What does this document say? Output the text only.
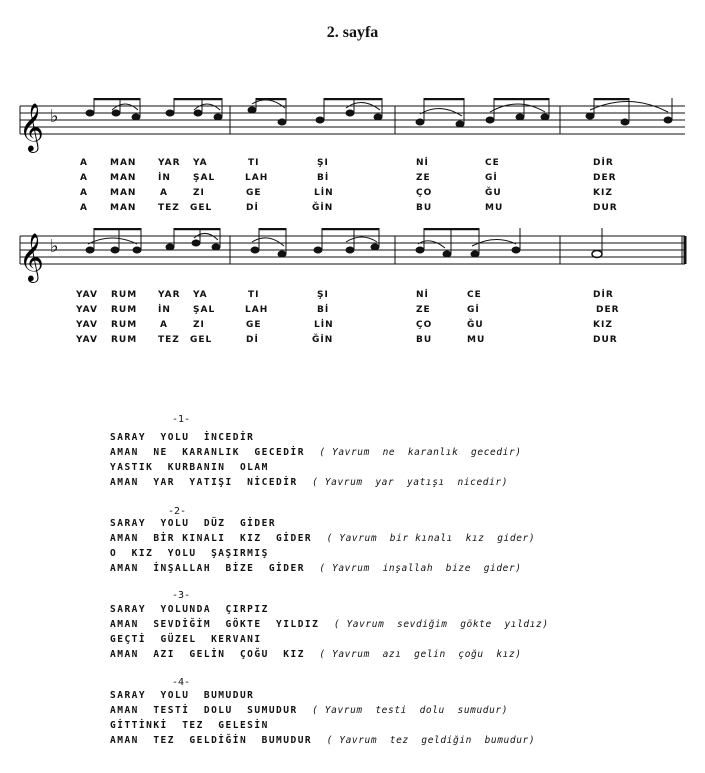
2. sayfa
𝄞 ♭
A MAN YAR YA	TI	ŞI	Nİ	CE	DİR
A MAN İN ŞAL	LAH	Bİ	ZE	Gİ	DER
A MAN	A	ZI	GE	LİN	ÇO	ĞU	KIZ
A MAN TEZ GEL	Dİ	ĞİN	BU	MU	DUR
𝄞 ♭
YAV RUM YAR YA	TI	ŞI	Nİ	CE	DİR
YAV RUM İN ŞAL	LAH	Bİ	ZE	Gİ	DER
YAV RUM	A	ZI	GE	LİN	ÇO	ĞU	KIZ
YAV RUM TEZ GEL	Dİ	ĞİN	BU	MU	DUR
-1-
SARAY  YOLU  İNCEDİR
AMAN  NE  KARANLIK  GECEDİR ( Yavrum  ne  karanlık  gecedir)
YASTIK  KURBANIN  OLAM
AMAN  YAR  YATIŞI  NİCEDİR ( Yavrum  yar  yatışı  nicedir)
-2-
SARAY  YOLU  DÜZ  GİDER
AMAN  BİR KINALI  KIZ  GİDER ( Yavrum  bir kınalı  kız  gider)
O  KIZ  YOLU  ŞAŞIRMIŞ
AMAN  İNŞALLAH  BİZE  GİDER ( Yavrum  inşallah  bize  gider)
-3-
SARAY  YOLUNDA  ÇIRPIZ
AMAN  SEVDİĞİM  GÖKTE  YILDIZ ( Yavrum  sevdiğim  gökte  yıldız)
GEÇTİ  GÜZEL  KERVANI
AMAN  AZI  GELİN  ÇOĞU  KIZ ( Yavrum  azı  gelin  çoğu  kız)
-4-
SARAY  YOLU  BUMUDUR
AMAN  TESTİ  DOLU  SUMUDUR ( Yavrum  testi  dolu  sumudur)
GİTTİNKİ  TEZ  GELESİN
AMAN  TEZ  GELDİĞİN  BUMUDUR ( Yavrum  tez  geldiğin  bumudur)
